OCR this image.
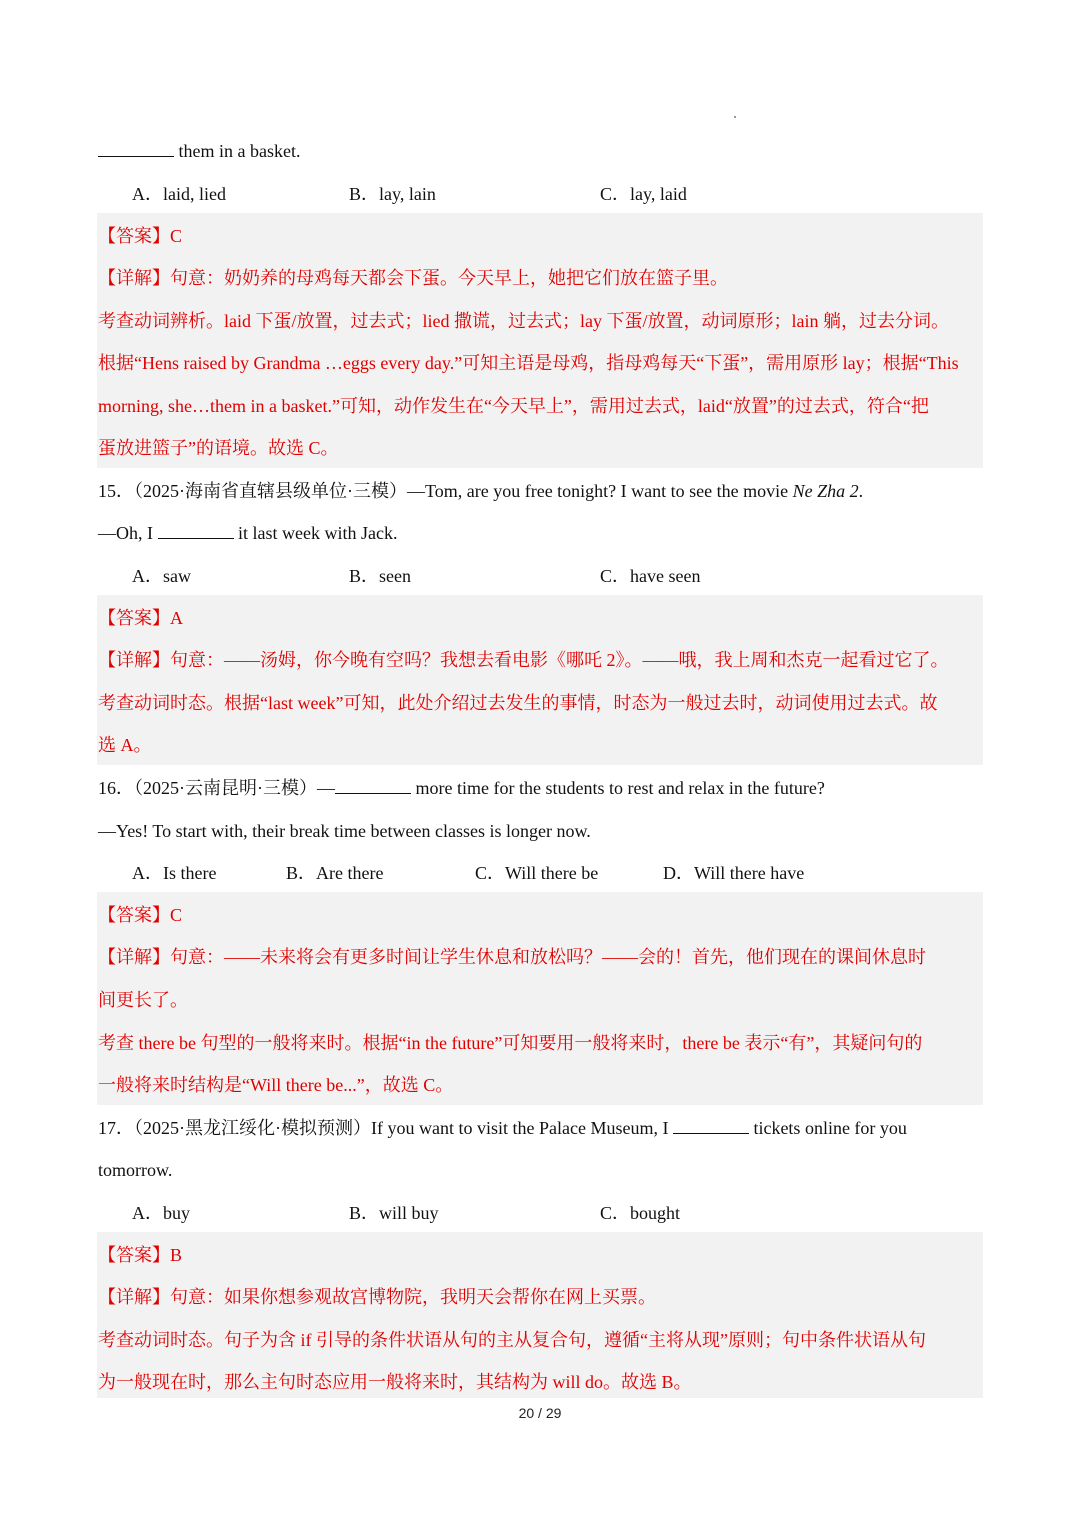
them in a basket.
A．laid, lied	B．lay, lain	C．lay, laid
【答案】C
【详解】句意：奶奶养的母鸡每天都会下蛋。今天早上，她把它们放在篮子里。
考查动词辨析。laid 下蛋/放置，过去式；lied 撒谎，过去式；lay 下蛋/放置，动词原形；lain 躺，过去分词。
根据“Hens raised by Grandma …eggs every day.”可知主语是母鸡，指母鸡每天“下蛋”，需用原形 lay；根据“This
morning, she…them in a basket.”可知，动作发生在“今天早上”，需用过去式，laid“放置”的过去式，符合“把
蛋放进篮子”的语境。故选 C。
15．（2025·海南省直辖县级单位·三模）—Tom, are you free tonight? I want to see the movie Ne Zha 2.
—Oh, I	it last week with Jack.
A．saw	B．seen	C．have seen
【答案】A
【详解】句意：——汤姆，你今晚有空吗？我想去看电影《哪吒 2》。——哦，我上周和杰克一起看过它了。
考查动词时态。根据“last week”可知，此处介绍过去发生的事情，时态为一般过去时，动词使用过去式。故
选 A。
16．（2025·云南昆明·三模）—	more time for the students to rest and relax in the future?
—Yes! To start with, their break time between classes is longer now.
A．Is there	B．Are there	C．Will there be	D．Will there have
【答案】C
【详解】句意：——未来将会有更多时间让学生休息和放松吗？——会的！首先，他们现在的课间休息时
间更长了。
考查 there be 句型的一般将来时。根据“in the future”可知要用一般将来时，there be 表示“有”，其疑问句的
一般将来时结构是“Will there be...”，故选 C。
17．（2025·黑龙江绥化·模拟预测）If you want to visit the Palace Museum, I	tickets online for you
tomorrow.
A．buy	B．will buy	C．bought
【答案】B
【详解】句意：如果你想参观故宫博物院，我明天会帮你在网上买票。
考查动词时态。句子为含 if 引导的条件状语从句的主从复合句，遵循“主将从现”原则；句中条件状语从句
为一般现在时，那么主句时态应用一般将来时，其结构为 will do。故选 B。
20 / 29
